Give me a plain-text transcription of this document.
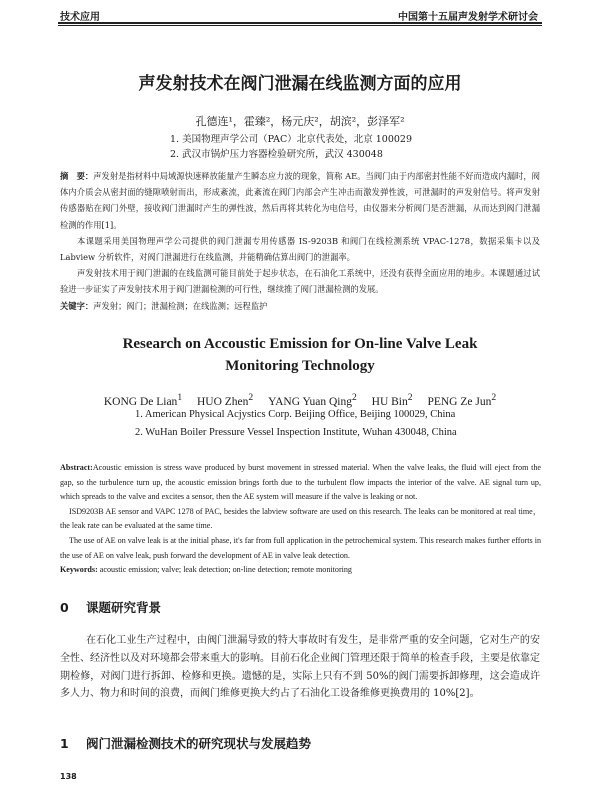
技术应用	中国第十五届声发射学术研讨会
声发射技术在阀门泄漏在线监测方面的应用
孔德连¹，霍臻²，杨元庆²，胡滨²，彭泽军²
1. 美国物理声学公司（PAC）北京代表处，北京 100029
2. 武汉市锅炉压力容器检验研究所，武汉 430048

摘　要：声发射是指材料中局域源快速释放能量产生瞬态应力波的现象，简称 AE。当阀门由于内部密封性能不好而造成内漏时，阀体内介质会从密封面的缝隙喷射而出，形成紊流，此紊流在阀门内部会产生冲击而激发弹性波，可泄漏时的声发射信号。将声发射传感器贴在阀门外壁，接收阀门泄漏时产生的弹性波，然后再将其转化为电信号，由仪器来分析阀门是否泄漏，从而达到阀门泄漏检测的作用[1]。

本课题采用美国物理声学公司提供的阀门泄漏专用传感器 IS-9203B 和阀门在线检测系统 VPAC-1278，数据采集卡以及 Labview 分析软件，对阀门泄漏进行在线监测，并能精确估算出阀门的泄漏率。

声发射技术用于阀门泄漏的在线监测可能目前处于起步状态，在石油化工系统中，还没有获得全面应用的地步。本课题通过试验进一步证实了声发射技术用于阀门泄漏检测的可行性，继续推了阀门泄漏检测的发展。

关键字：声发射；阀门；泄漏检测；在线监测；远程监护

Research on Accoustic Emission for On-line Valve Leak
Monitoring Technology
KONG De Lian$^1$ HUO Zhen$^2$ YANG Yuan Qing$^2$ HU Bin$^2$ PENG Ze Jun$^2$
1. American Physical Acjystics Corp. Beijing Office, Beijing 100029, China
2. WuHan Boiler Pressure Vessel Inspection Institute, Wuhan 430048, China

Abstract:Acoustic emission is stress wave produced by burst movement in stressed material. When the valve leaks, the fluid will eject from the gap, so the turbulence turn up, the acoustic emission brings forth due to the turbulent flow impacts the interior of the valve. AE signal turn up, which spreads to the valve and excites a sensor, then the AE system will measure if the valve is leaking or not.

ISD9203B AE sensor and VAPC 1278 of PAC, besides the labview software are used on this research. The leaks can be monitored at real time， the leak rate can be evaluated at the same time.

The use of AE on valve leak is at the initial phase, it's far from full application in the petrochemical system. This research makes further efforts in the use of AE on valve leak, push forward the development of AE in valve leak detection.

Keywords: acoustic emission; valve; leak detection; on-line detection; remote monitoring

0 课题研究背景

在石化工业生产过程中，由阀门泄漏导致的特大事故时有发生，是非常严重的安全问题，它对生产的安全性、经济性以及对环境都会带来重大的影响。目前石化企业阀门管理还限于简单的检查手段，主要是依靠定期检修，对阀门进行拆卸、检修和更换。遗憾的是，实际上只有不到 50%的阀门需要拆卸修理，这会造成许多人力、物力和时间的浪费，而阀门维修更换大约占了石油化工设备维修更换费用的 10%[2]。

1 阀门泄漏检测技术的研究现状与发展趋势
138
